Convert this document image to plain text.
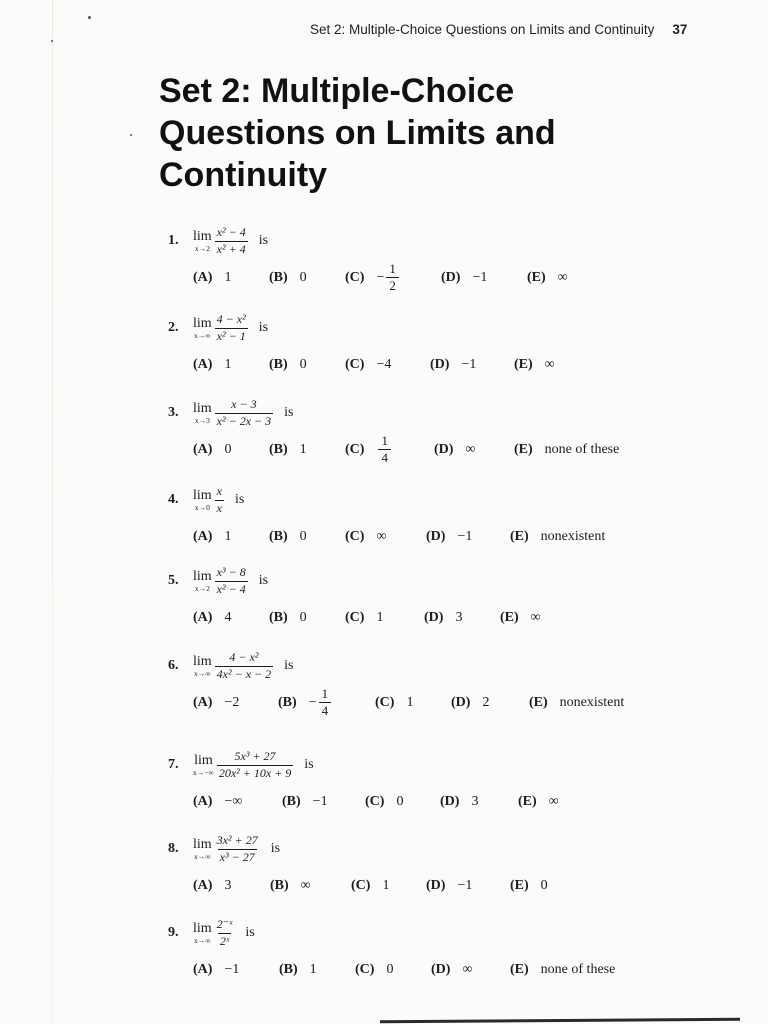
Set 2: Multiple-Choice Questions on Limits and Continuity 37
Set 2: Multiple-Choice
Questions on Limits and
Continuity
1.	lim
$x\to 2 \frac{\text{x² − 4}}{\text{x² + 4}}$ is
(A) 1	(B) 0	$(C) - \frac{1}{2}$	(D) −1	(E) ∞
2.	lim
$x\to\infty \frac{\text{4 − x²}}{\text{x² − 1}}$ is
(A) 1	(B) 0	(C) −4	(D) −1	(E) ∞
3.	lim
$x\to 3 \frac{x - 3}{\text{x² − 2x − 3}}$ is
(A) 0	(B) 1	$(C) \frac{1}{4}$	(D) ∞	(E) none of these
4.	lim
$x\to 0 \frac{x}{x}$ is
(A) 1	(B) 0	(C) ∞	(D) −1	(E) nonexistent
5.	lim
$x\to 2 \frac{\text{x³ − 8}}{\text{x² − 4}}$ is
(A) 4	(B) 0	(C) 1	(D) 3	(E) ∞
6.	lim
$x\to\infty \frac{\text{4 − x²}}{\text{4x² − x − 2}}$ is
(A) −2	$(B) - \frac{1}{4}$	(C) 1	(D) 2	(E) nonexistent
7.	lim
$x\to-\infty \frac{\text{5x³ + 27}}{\text{20x² + 10x + 9}}$ is
(A) −∞	(B) −1	(C) 0	(D) 3	(E) ∞
8.	lim
$x\to\infty \frac{\text{3x² + 27}}{\text{x³ − 27}}$ is
(A) 3	(B) ∞	(C) 1	(D) −1	(E) 0
9.	lim
$x\to\infty \frac{\text{2⁻ˣ}}{\text{2ˣ}}$ is
(A) −1	(B) 1	(C) 0	(D) ∞	(E) none of these
